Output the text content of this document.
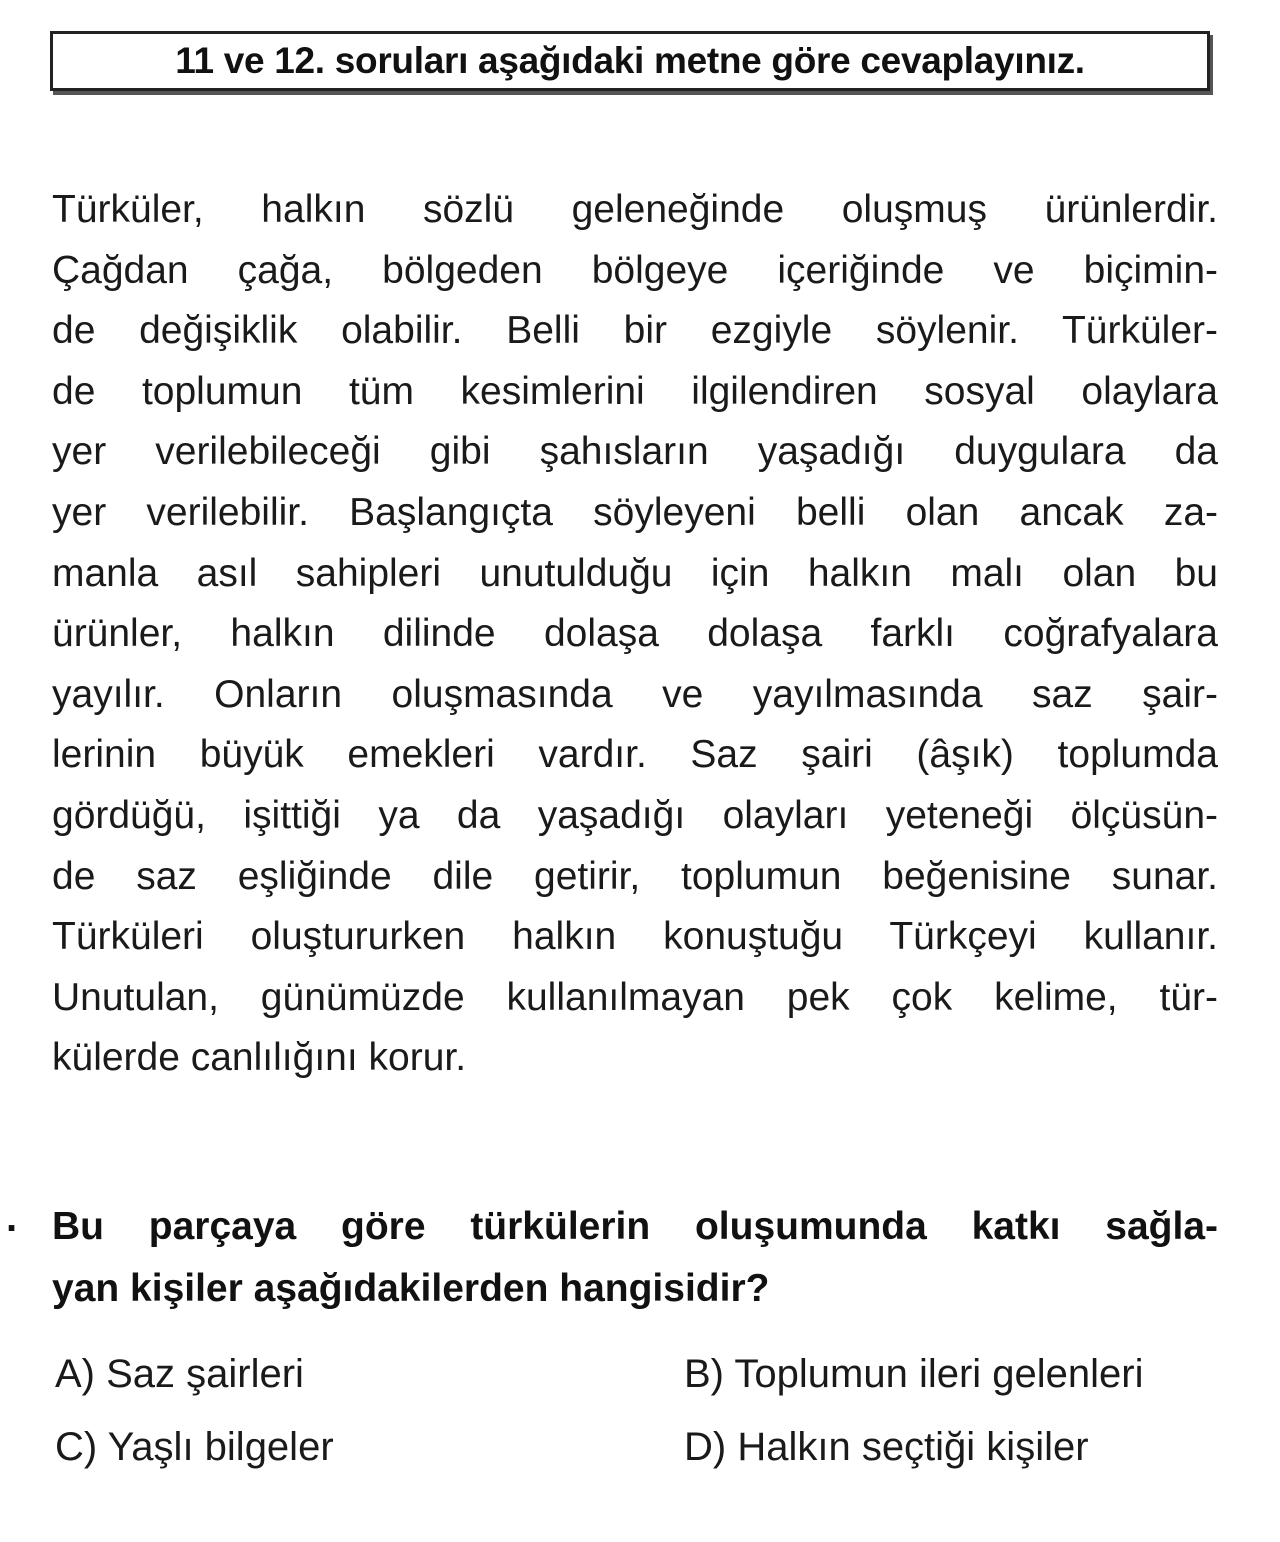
11 ve 12. soruları aşağıdaki metne göre cevaplayınız.
Türküler, halkın sözlü geleneğinde oluşmuş ürünlerdir.
Çağdan çağa, bölgeden bölgeye içeriğinde ve biçimin-
de değişiklik olabilir. Belli bir ezgiyle söylenir. Türküler-
de toplumun tüm kesimlerini ilgilendiren sosyal olaylara
yer verilebileceği gibi şahısların yaşadığı duygulara da
yer verilebilir. Başlangıçta söyleyeni belli olan ancak za-
manla asıl sahipleri unutulduğu için halkın malı olan bu
ürünler, halkın dilinde dolaşa dolaşa farklı coğrafyalara
yayılır. Onların oluşmasında ve yayılmasında saz şair-
lerinin büyük emekleri vardır. Saz şairi (âşık) toplumda
gördüğü, işittiği ya da yaşadığı olayları yeteneği ölçüsün-
de saz eşliğinde dile getirir, toplumun beğenisine sunar.
Türküleri oluştururken halkın konuştuğu Türkçeyi kullanır.
Unutulan, günümüzde kullanılmayan pek çok kelime, tür-
külerde canlılığını korur.
. Bu parçaya göre türkülerin oluşumunda katkı sağla-
yan kişiler aşağıdakilerden hangisidir?
A) Saz şairleri	B) Toplumun ileri gelenleri
C) Yaşlı bilgeler	D) Halkın seçtiği kişiler
